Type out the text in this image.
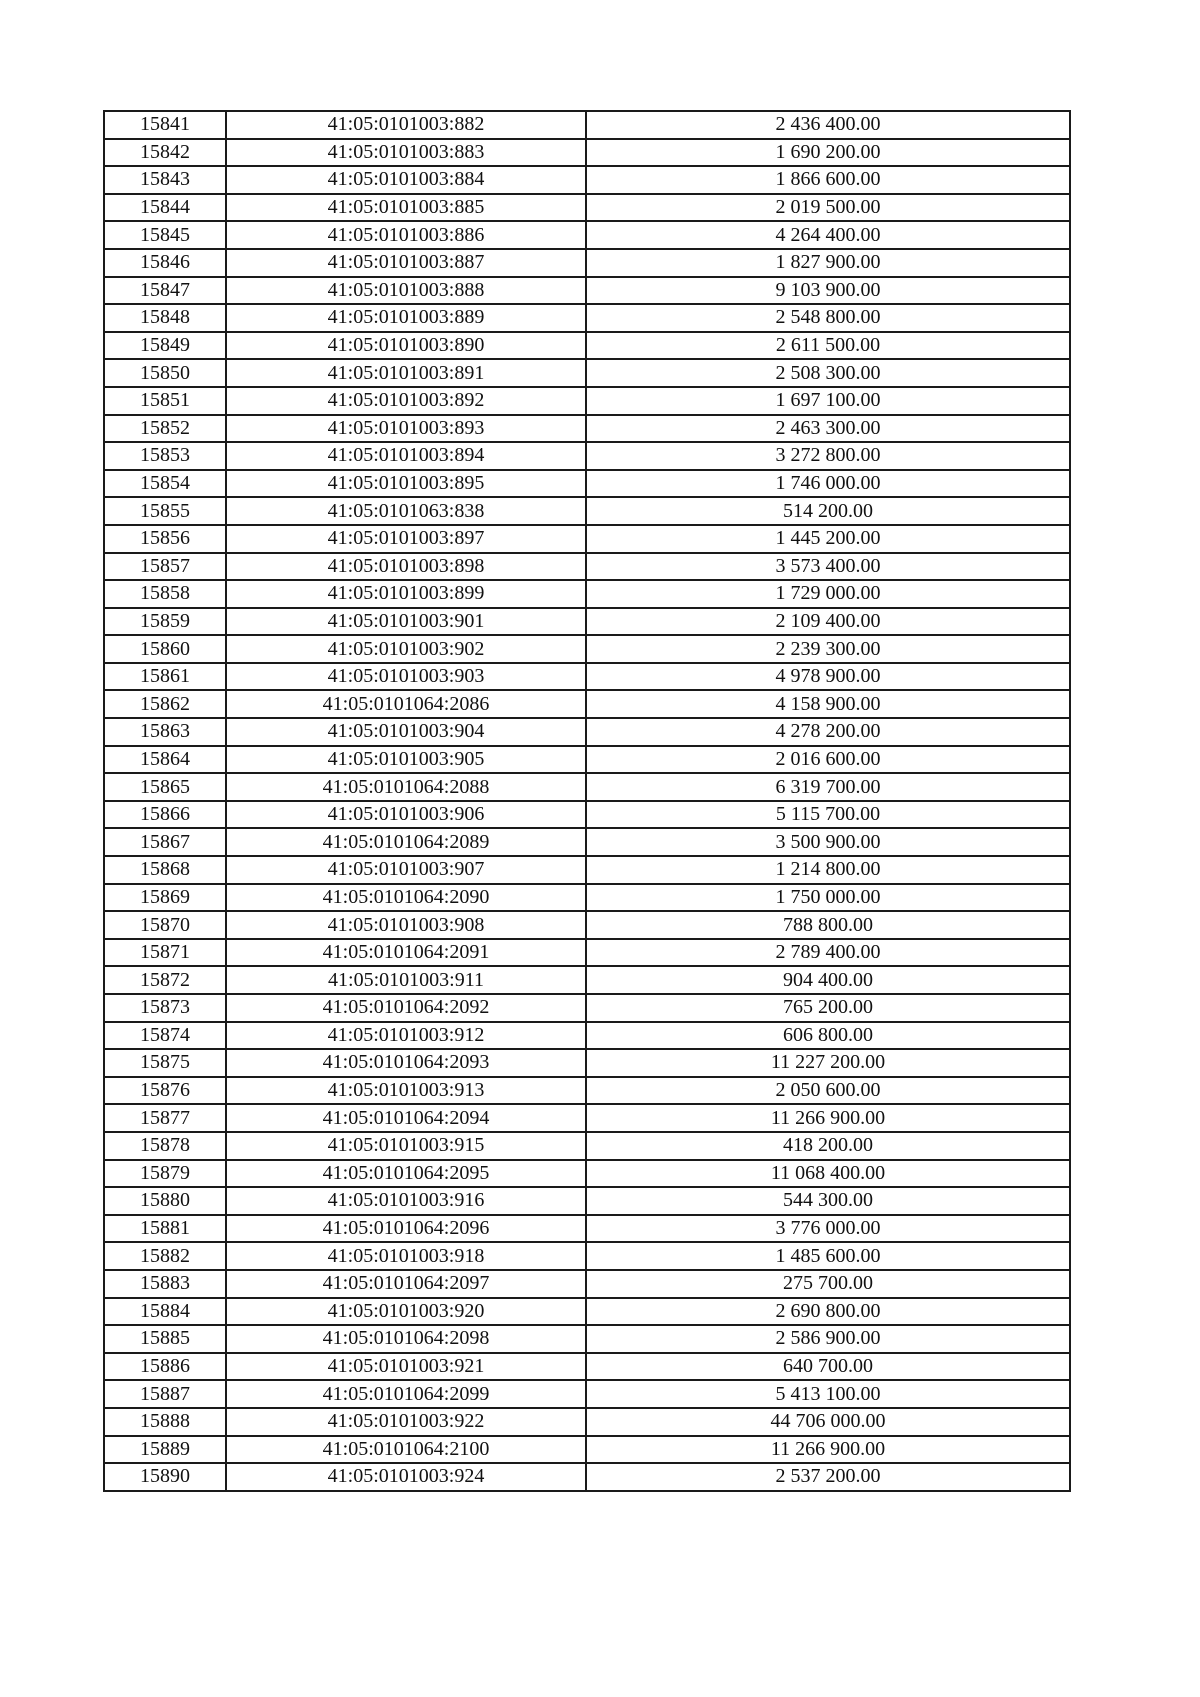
15841	41:05:0101003:882	2 436 400.00
15842	41:05:0101003:883	1 690 200.00
15843	41:05:0101003:884	1 866 600.00
15844	41:05:0101003:885	2 019 500.00
15845	41:05:0101003:886	4 264 400.00
15846	41:05:0101003:887	1 827 900.00
15847	41:05:0101003:888	9 103 900.00
15848	41:05:0101003:889	2 548 800.00
15849	41:05:0101003:890	2 611 500.00
15850	41:05:0101003:891	2 508 300.00
15851	41:05:0101003:892	1 697 100.00
15852	41:05:0101003:893	2 463 300.00
15853	41:05:0101003:894	3 272 800.00
15854	41:05:0101003:895	1 746 000.00
15855	41:05:0101063:838	514 200.00
15856	41:05:0101003:897	1 445 200.00
15857	41:05:0101003:898	3 573 400.00
15858	41:05:0101003:899	1 729 000.00
15859	41:05:0101003:901	2 109 400.00
15860	41:05:0101003:902	2 239 300.00
15861	41:05:0101003:903	4 978 900.00
15862	41:05:0101064:2086	4 158 900.00
15863	41:05:0101003:904	4 278 200.00
15864	41:05:0101003:905	2 016 600.00
15865	41:05:0101064:2088	6 319 700.00
15866	41:05:0101003:906	5 115 700.00
15867	41:05:0101064:2089	3 500 900.00
15868	41:05:0101003:907	1 214 800.00
15869	41:05:0101064:2090	1 750 000.00
15870	41:05:0101003:908	788 800.00
15871	41:05:0101064:2091	2 789 400.00
15872	41:05:0101003:911	904 400.00
15873	41:05:0101064:2092	765 200.00
15874	41:05:0101003:912	606 800.00
15875	41:05:0101064:2093	11 227 200.00
15876	41:05:0101003:913	2 050 600.00
15877	41:05:0101064:2094	11 266 900.00
15878	41:05:0101003:915	418 200.00
15879	41:05:0101064:2095	11 068 400.00
15880	41:05:0101003:916	544 300.00
15881	41:05:0101064:2096	3 776 000.00
15882	41:05:0101003:918	1 485 600.00
15883	41:05:0101064:2097	275 700.00
15884	41:05:0101003:920	2 690 800.00
15885	41:05:0101064:2098	2 586 900.00
15886	41:05:0101003:921	640 700.00
15887	41:05:0101064:2099	5 413 100.00
15888	41:05:0101003:922	44 706 000.00
15889	41:05:0101064:2100	11 266 900.00
15890	41:05:0101003:924	2 537 200.00
